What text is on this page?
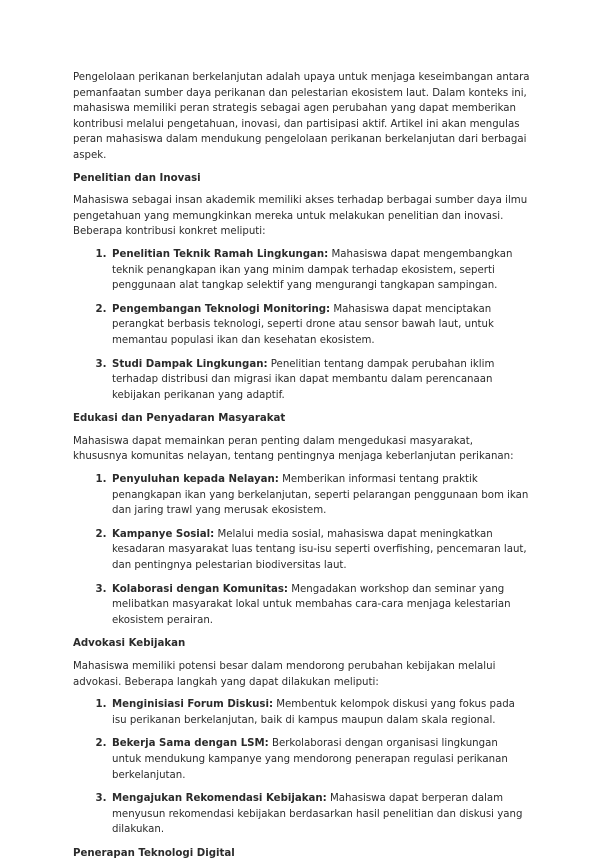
Pengelolaan perikanan berkelanjutan adalah upaya untuk menjaga keseimbangan antara pemanfaatan sumber daya perikanan dan pelestarian ekosistem laut. Dalam konteks ini, mahasiswa memiliki peran strategis sebagai agen perubahan yang dapat memberikan kontribusi melalui pengetahuan, inovasi, dan partisipasi aktif. Artikel ini akan mengulas peran mahasiswa dalam mendukung pengelolaan perikanan berkelanjutan dari berbagai aspek.

Penelitian dan Inovasi

Mahasiswa sebagai insan akademik memiliki akses terhadap berbagai sumber daya ilmu pengetahuan yang memungkinkan mereka untuk melakukan penelitian dan inovasi. Beberapa kontribusi konkret meliputi:

1. Penelitian Teknik Ramah Lingkungan: Mahasiswa dapat mengembangkan teknik penangkapan ikan yang minim dampak terhadap ekosistem, seperti penggunaan alat tangkap selektif yang mengurangi tangkapan sampingan.
2. Pengembangan Teknologi Monitoring: Mahasiswa dapat menciptakan perangkat berbasis teknologi, seperti drone atau sensor bawah laut, untuk memantau populasi ikan dan kesehatan ekosistem.
3. Studi Dampak Lingkungan: Penelitian tentang dampak perubahan iklim terhadap distribusi dan migrasi ikan dapat membantu dalam perencanaan kebijakan perikanan yang adaptif.
Edukasi dan Penyadaran Masyarakat

Mahasiswa dapat memainkan peran penting dalam mengedukasi masyarakat, khususnya komunitas nelayan, tentang pentingnya menjaga keberlanjutan perikanan:

1. Penyuluhan kepada Nelayan: Memberikan informasi tentang praktik penangkapan ikan yang berkelanjutan, seperti pelarangan penggunaan bom ikan dan jaring trawl yang merusak ekosistem.
2. Kampanye Sosial: Melalui media sosial, mahasiswa dapat meningkatkan kesadaran masyarakat luas tentang isu-isu seperti overfishing, pencemaran laut, dan pentingnya pelestarian biodiversitas laut.
3. Kolaborasi dengan Komunitas: Mengadakan workshop dan seminar yang melibatkan masyarakat lokal untuk membahas cara-cara menjaga kelestarian ekosistem perairan.
Advokasi Kebijakan

Mahasiswa memiliki potensi besar dalam mendorong perubahan kebijakan melalui advokasi. Beberapa langkah yang dapat dilakukan meliputi:

1. Menginisiasi Forum Diskusi: Membentuk kelompok diskusi yang fokus pada isu perikanan berkelanjutan, baik di kampus maupun dalam skala regional.
2. Bekerja Sama dengan LSM: Berkolaborasi dengan organisasi lingkungan untuk mendukung kampanye yang mendorong penerapan regulasi perikanan berkelanjutan.
3. Mengajukan Rekomendasi Kebijakan: Mahasiswa dapat berperan dalam menyusun rekomendasi kebijakan berdasarkan hasil penelitian dan diskusi yang dilakukan.
Penerapan Teknologi Digital
